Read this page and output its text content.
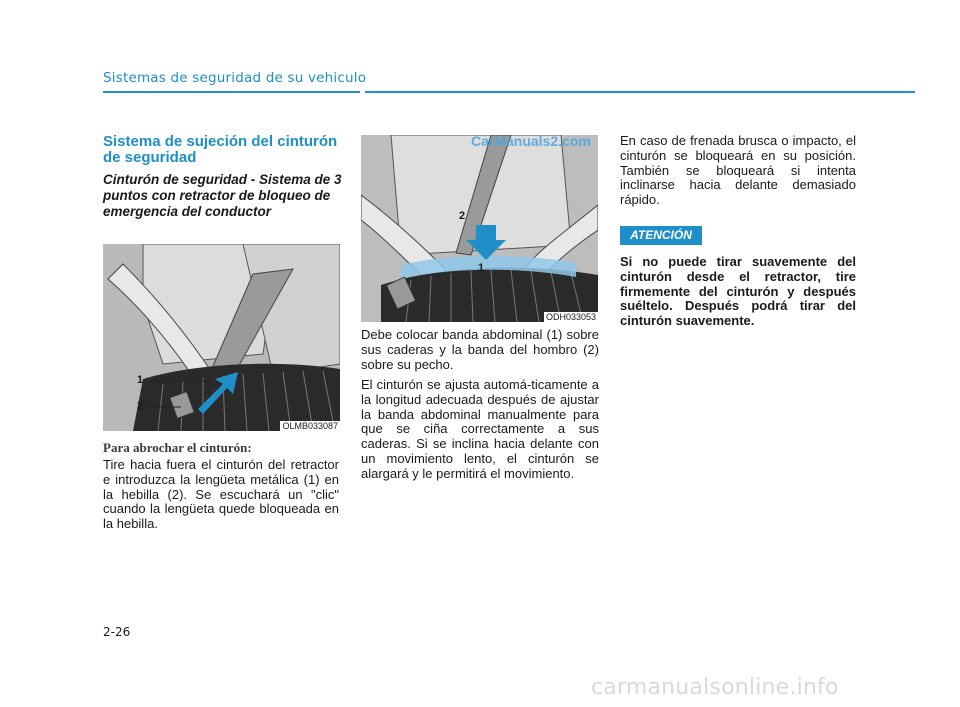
Sistemas de seguridad de su vehiculo
Sistema de sujeción del cinturón de seguridad
Cinturón de seguridad - Sistema de 3 puntos con retractor de bloqueo de emergencia del conductor
1
2
OLMB033087
2
1
ODH033053
Para abrochar el cinturón:
Tire hacia fuera el cinturón del retractor e introduzca la lengüeta metálica (1) en la hebilla (2). Se escuchará un "clic" cuando la lengüeta quede bloqueada en la hebilla.
Debe colocar banda abdominal (1) sobre sus caderas y la banda del hombro (2) sobre su pecho.
El cinturón se ajusta automá-ticamente a la longitud adecuada después de ajustar la banda abdominal manualmente para que se ciña correctamente a sus caderas. Si se inclina hacia delante con un movimiento lento, el cinturón se alargará y le permitirá el movimiento.
En caso de frenada brusca o impacto, el cinturón se bloqueará en su posición. También se bloqueará si intenta inclinarse hacia delante demasiado rápido.
ATENCIÓN
Si no puede tirar suavemente del cinturón desde el retractor, tire firmemente del cinturón y después suéltelo. Después podrá tirar del cinturón suavemente.
2-26
CarManuals2.com
carmanualsonline.info
